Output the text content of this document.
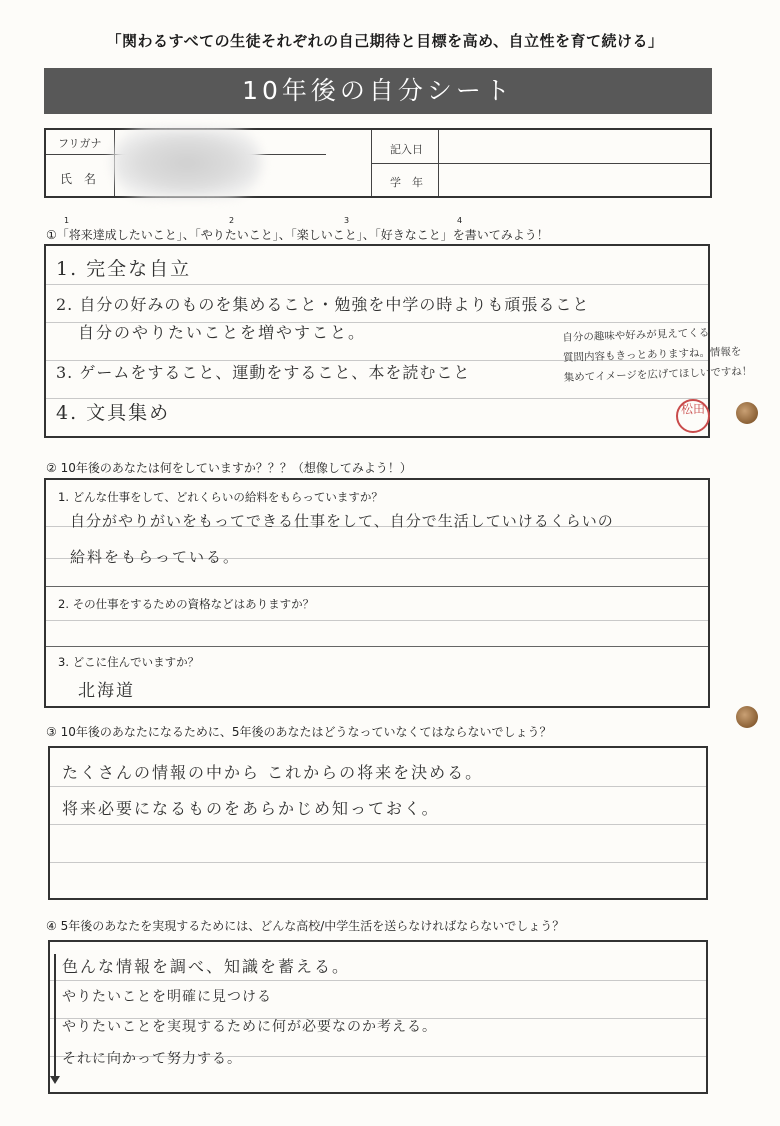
「関わるすべての生徒それぞれの自己期待と目標を高め、自立性を育て続ける」
10年後の自分シート
フリガナ
氏　名
記入日
学　年
①「将来達成したいこと」、「やりたいこと」、「楽しいこと」、「好きなこと」を書いてみよう！
1	2	3	4
1. 完全な自立
2. 自分の好みのものを集めること・勉強を中学の時よりも頑張ること
自分のやりたいことを増やすこと。
3. ゲームをすること、運動をすること、本を読むこと
4. 文具集め
自分の趣味や好みが見えてくる
質問内容もきっとありますね。情報を
集めてイメージを広げてほしいですね！
松田
② 10年後のあなたは何をしていますか？？？（想像してみよう！）
1. どんな仕事をして、どれくらいの給料をもらっていますか？
自分がやりがいをもってできる仕事をして、自分で生活していけるくらいの
給料をもらっている。
2. その仕事をするための資格などはありますか？
3. どこに住んでいますか？
北海道
③ 10年後のあなたになるために、5年後のあなたはどうなっていなくてはならないでしょう？
たくさんの情報の中から これからの将来を決める。
将来必要になるものをあらかじめ知っておく。
④ 5年後のあなたを実現するためには、どんな高校/中学生活を送らなければならないでしょう？
色んな情報を調べ、知識を蓄える。
やりたいことを明確に見つける
やりたいことを実現するために何が必要なのか考える。
それに向かって努力する。
